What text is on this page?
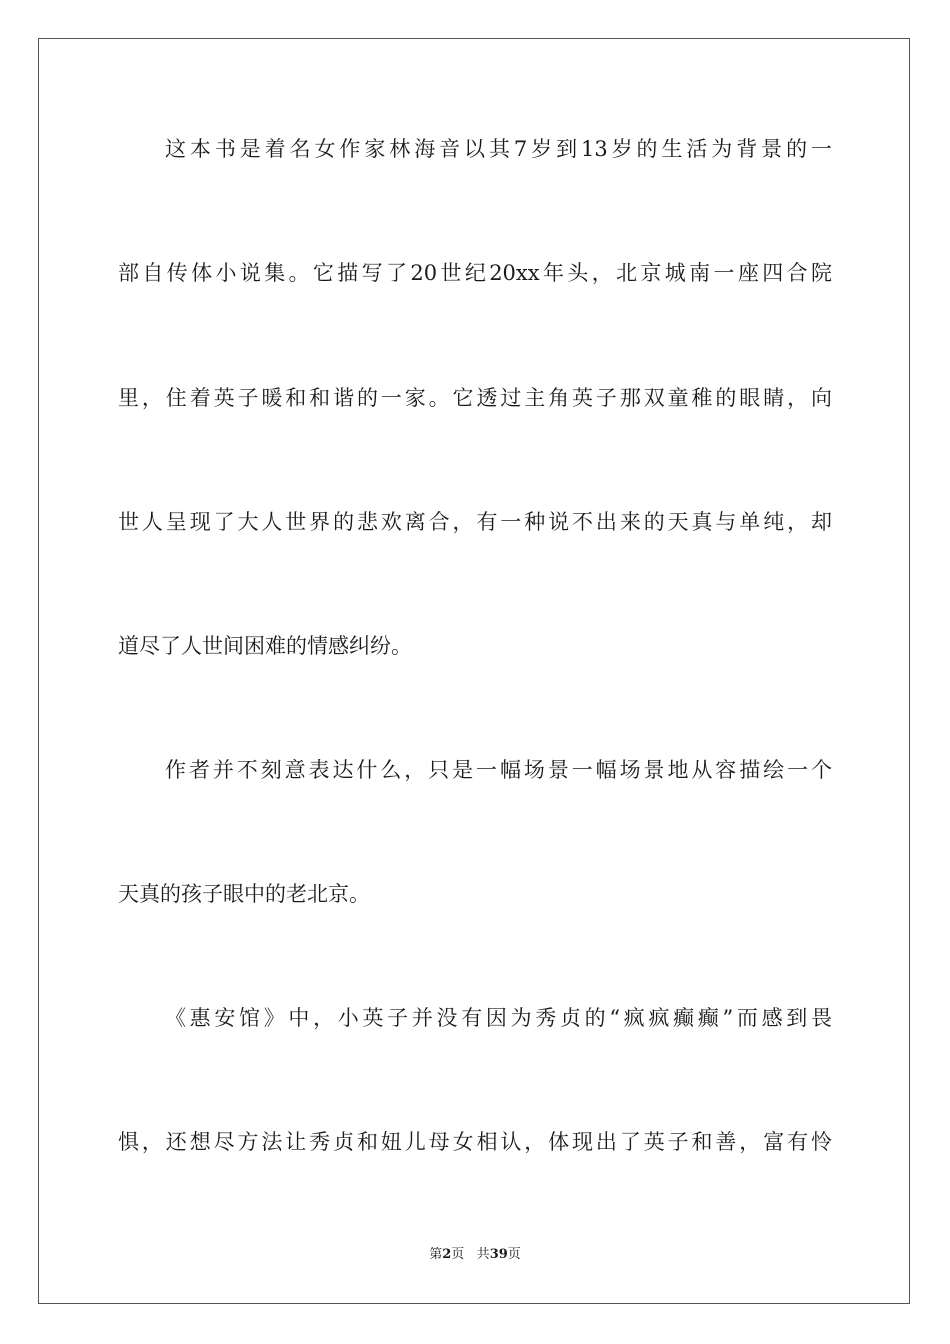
这本书是着名女作家林海音以其7岁到13岁的生活为背景的一
部自传体小说集。它描写了20世纪20xx年头，北京城南一座四合院
里，住着英子暖和和谐的一家。它透过主角英子那双童稚的眼睛，向
世人呈现了大人世界的悲欢离合，有一种说不出来的天真与单纯，却
道尽了人世间困难的情感纠纷。
作者并不刻意表达什么，只是一幅场景一幅场景地从容描绘一个
天真的孩子眼中的老北京。
《惠安馆》中，小英子并没有因为秀贞的“疯疯癫癫”而感到畏
惧，还想尽方法让秀贞和妞儿母女相认，体现出了英子和善，富有怜
第2页 共39页
